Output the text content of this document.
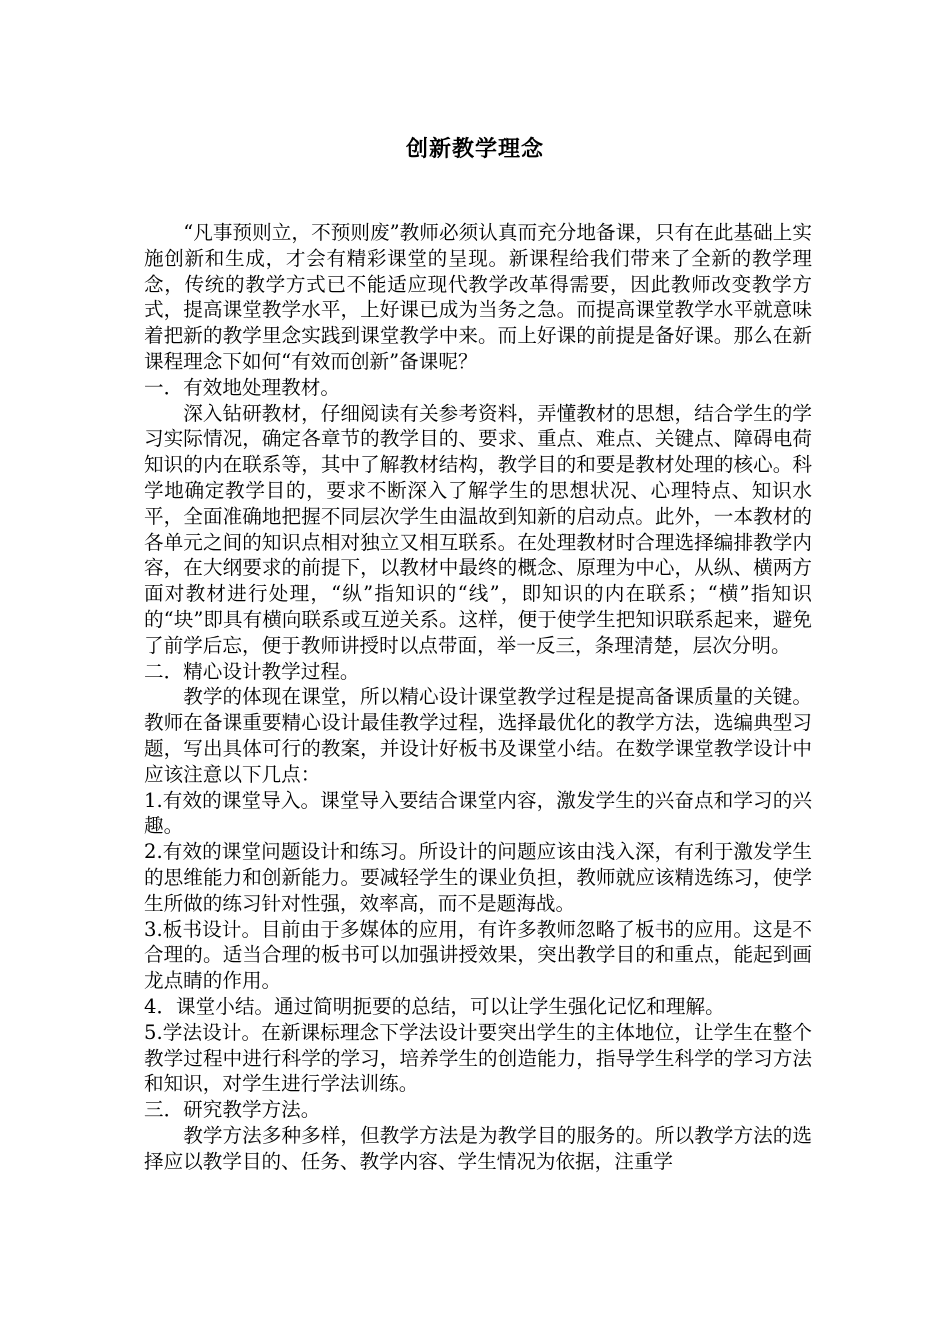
创新教学理念

“凡事预则立，不预则废”教师必须认真而充分地备课，只有在此基础上实施创新和生成，才会有精彩课堂的呈现。新课程给我们带来了全新的教学理念，传统的教学方式已不能适应现代教学改革得需要，因此教师改变教学方式，提高课堂教学水平，上好课已成为当务之急。而提高课堂教学水平就意味着把新的教学里念实践到课堂教学中来。而上好课的前提是备好课。那么在新课程理念下如何“有效而创新”备课呢？

一．有效地处理教材。

深入钻研教材，仔细阅读有关参考资料，弄懂教材的思想，结合学生的学习实际情况，确定各章节的教学目的、要求、重点、难点、关键点、障碍电荷知识的内在联系等，其中了解教材结构，教学目的和要是教材处理的核心。科学地确定教学目的，要求不断深入了解学生的思想状况、心理特点、知识水平，全面准确地把握不同层次学生由温故到知新的启动点。此外，一本教材的各单元之间的知识点相对独立又相互联系。在处理教材时合理选择编排教学内容，在大纲要求的前提下，以教材中最终的概念、原理为中心，从纵、横两方面对教材进行处理，“纵”指知识的“线”，即知识的内在联系；“横”指知识的“块”即具有横向联系或互逆关系。这样，便于使学生把知识联系起来，避免了前学后忘，便于教师讲授时以点带面，举一反三，条理清楚，层次分明。

二．精心设计教学过程。

教学的体现在课堂，所以精心设计课堂教学过程是提高备课质量的关键。教师在备课重要精心设计最佳教学过程，选择最优化的教学方法，选编典型习题，写出具体可行的教案，并设计好板书及课堂小结。在数学课堂教学设计中应该注意以下几点：

1.有效的课堂导入。课堂导入要结合课堂内容，激发学生的兴奋点和学习的兴趣。

2.有效的课堂问题设计和练习。所设计的问题应该由浅入深，有利于激发学生的思维能力和创新能力。要减轻学生的课业负担，教师就应该精选练习，使学生所做的练习针对性强，效率高，而不是题海战。

3.板书设计。目前由于多媒体的应用，有许多教师忽略了板书的应用。这是不合理的。适当合理的板书可以加强讲授效果，突出教学目的和重点，能起到画龙点睛的作用。

4．课堂小结。通过简明扼要的总结，可以让学生强化记忆和理解。

5.学法设计。在新课标理念下学法设计要突出学生的主体地位，让学生在整个教学过程中进行科学的学习，培养学生的创造能力，指导学生科学的学习方法和知识，对学生进行学法训练。

三．研究教学方法。

教学方法多种多样，但教学方法是为教学目的服务的。所以教学方法的选择应以教学目的、任务、教学内容、学生情况为依据，注重学
